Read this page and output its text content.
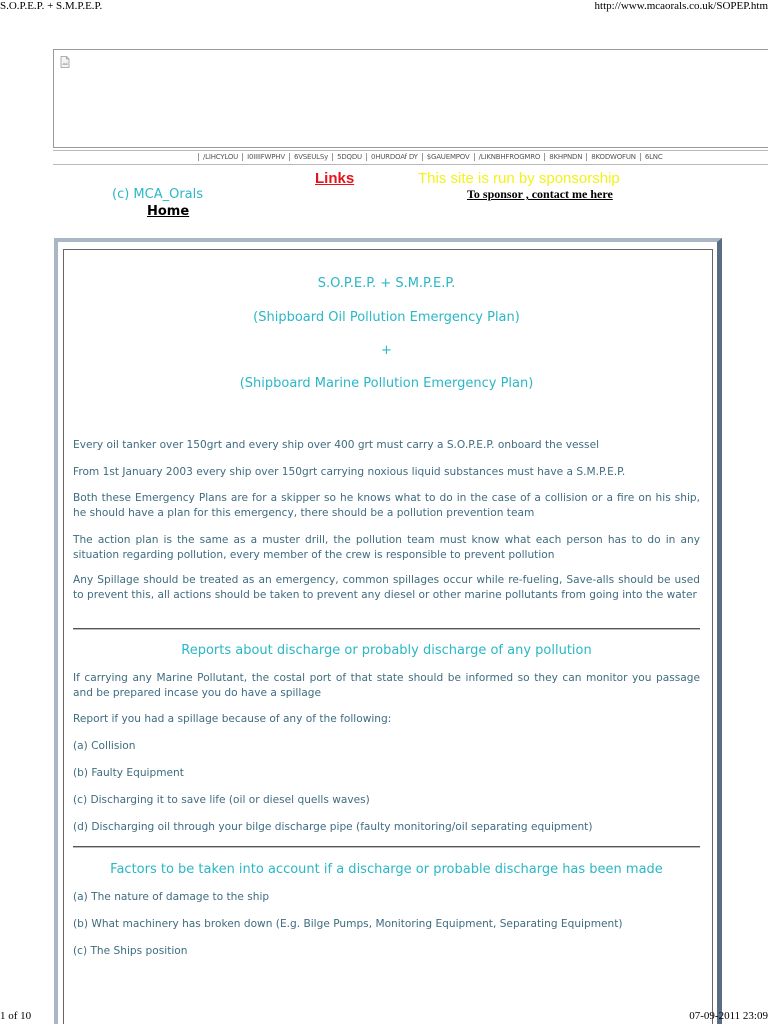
S.O.P.E.P. + S.M.P.E.P.	http://www.mcaorals.co.uk/SOPEP.htm
/LIHCYLOU I0IIIIFWPHV 6VSEULSy 5DQDU 0HURDOAf DY $GAUEMPOV /LIKNBHFROGMRO 8KHPNDN 8KODWOFUN 6LNC
Links	This site is run by sponsorship
To sponsor , contact me here
(c) MCA_Orals
Home
S.O.P.E.P. + S.M.P.E.P.
(Shipboard Oil Pollution Emergency Plan)
+
(Shipboard Marine Pollution Emergency Plan)
Every oil tanker over 150grt and every ship over 400 grt must carry a S.O.P.E.P. onboard the vessel
From 1st January 2003 every ship over 150grt carrying noxious liquid substances must have a S.M.P.E.P.
Both these Emergency Plans are for a skipper so he knows what to do in the case of a collision or a fire on his ship, he should have a plan for this emergency, there should be a pollution prevention team
The action plan is the same as a muster drill, the pollution team must know what each person has to do in any situation regarding pollution, every member of the crew is responsible to prevent pollution
Any Spillage should be treated as an emergency, common spillages occur while re-fueling, Save-alls should be used to prevent this, all actions should be taken to prevent any diesel or other marine pollutants from going into the water
Reports about discharge or probably discharge of any pollution
If carrying any Marine Pollutant, the costal port of that state should be informed so they can monitor you passage and be prepared incase you do have a spillage
Report if you had a spillage because of any of the following:
(a) Collision
(b) Faulty Equipment
(c) Discharging it to save life (oil or diesel quells waves)
(d) Discharging oil through your bilge discharge pipe (faulty monitoring/oil separating equipment)
Factors to be taken into account if a discharge or probable discharge has been made
(a) The nature of damage to the ship
(b) What machinery has broken down (E.g. Bilge Pumps, Monitoring Equipment, Separating Equipment)
(c) The Ships position
1 of 10	07-09-2011 23:09
